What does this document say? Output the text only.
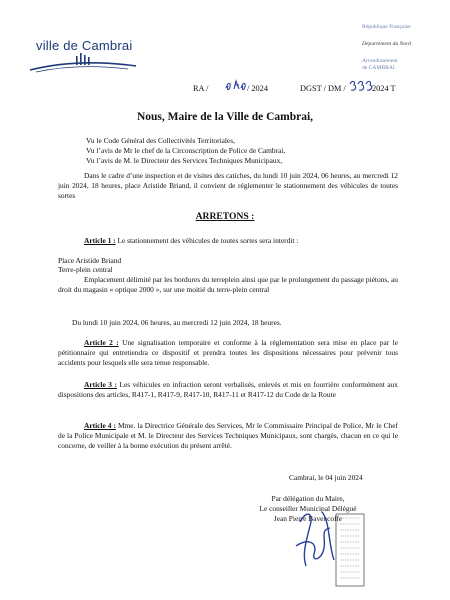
ville de Cambrai
République Française
Département du Nord
Arrondissement
de CAMBRAI
RA /	/ 2024	DGST / DM /	2024 T
Nous, Maire de la Ville de Cambrai,
Vu le Code Général des Collectivités Territoriales,
Vu l’avis de Mr le chef de la Circonscription de Police de Cambrai,
Vu l’avis de M. le Directeur des Services Techniques Municipaux,
Dans le cadre d’une inspection et de visites des catiches, du lundi 10 juin 2024, 06 heures, au mercredi 12 juin 2024, 18 heures, place Aristide Briand, il convient de réglementer le stationnement des véhicules de toutes sortes
ARRETONS :
Article 1 : Le stationnement des véhicules de toutes sortes sera interdit :
Place Aristide Briand
Terre-plein central
Emplacement délimité par les bordures du terreplein ainsi que par le prolongement du passage piétons, au droit du magasin « optique 2000 », sur une moitié du terre-plein central
Du lundi 10 juin 2024, 06 heures, au mercredi 12 juin 2024, 18 heures.
Article 2 : Une signalisation temporaire et conforme à la réglementation sera mise en place par le pétitionnaire qui entretiendra ce dispositif et prendra toutes les dispositions nécessaires pour prévenir tous accidents pour lesquels elle sera tenue responsable.
Article 3 : Les véhicules en infraction seront verbalisés, enlevés et mis en fourrière conformément aux dispositions des articles, R417-1, R417-9, R417-10, R417-11 et R417-12 du Code de la Route
Article 4 : Mme. la Directrice Générale des Services, Mr le Commissaire Principal de Police, Mr le Chef de la Police Municipale et M. le Directeur des Services Techniques Municipaux, sont chargés, chacun en ce qui le concerne, de veiller à la bonne exécution du présent arrêté.
Cambrai, le 04 juin 2024
Par délégation du Maire,
Le conseiller Municipal Délégué
Jean Pierre Bavencoffe
